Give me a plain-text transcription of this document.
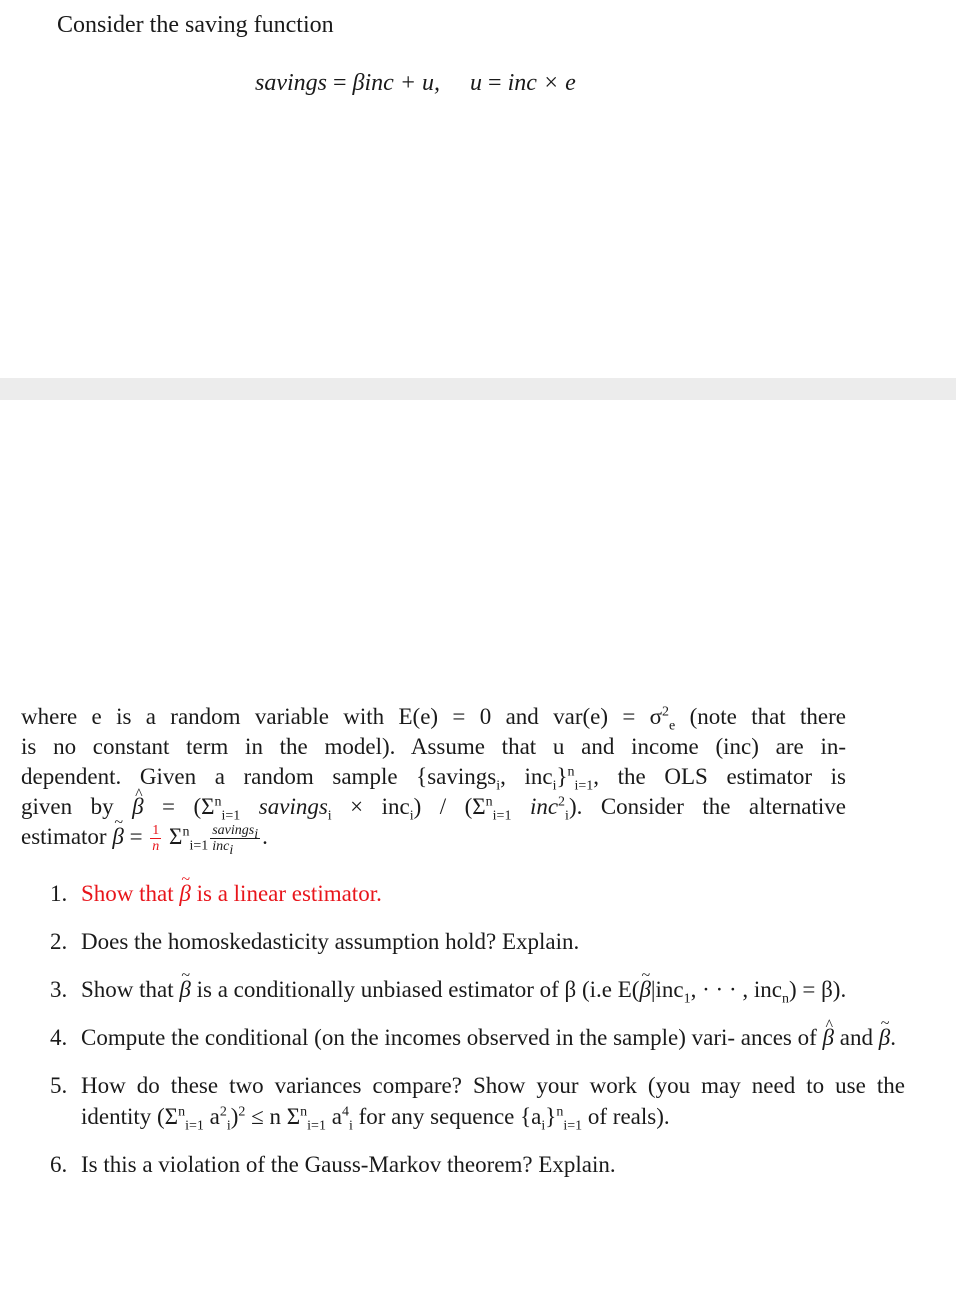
Consider the saving function
savings = βinc + u, u = inc × e
where e is a random variable with E(e) = 0 and $var(e) = \sigma^2_e$ (note that there
is no constant term in the model). Assume that u and income (inc) are in-
dependent. Given a random sample {savings$_i$, inc$_i$}$^n_{i=1}$, the OLS estimator is
given by β ^ = ($\Sigma^n_{i=1}$ savings$_i$ × $inc_i) / (\Sigma^n_{i=1}$ inc$^2_i$). Consider the alternative
estimator β ~ = $\frac{1}{n} \Sigma^n_{i=1} \frac{savings_i}{inc_i}$ .
1. Show that β ~ is a linear estimator.
2. Does the homoskedasticity assumption hold? Explain.
3. Show that β ~ is a conditionally unbiased estimator of β (i.e E(β ~|inc$_1$, · · · , inc$_n$) = β).
4. Compute the conditional (on the incomes observed in the sample) vari- ances of β ^ and β ~.
5. How do these two variances compare? Show your work (you may need to use the identity ($\Sigma^n_{i=1}$ $a^2_i)^2 \le n$ $\Sigma^n_{i=1}$ $a^4_i$ for any sequence $\{a_i\}^n_{i=1}$ of reals).
6. Is this a violation of the Gauss-Markov theorem? Explain.
